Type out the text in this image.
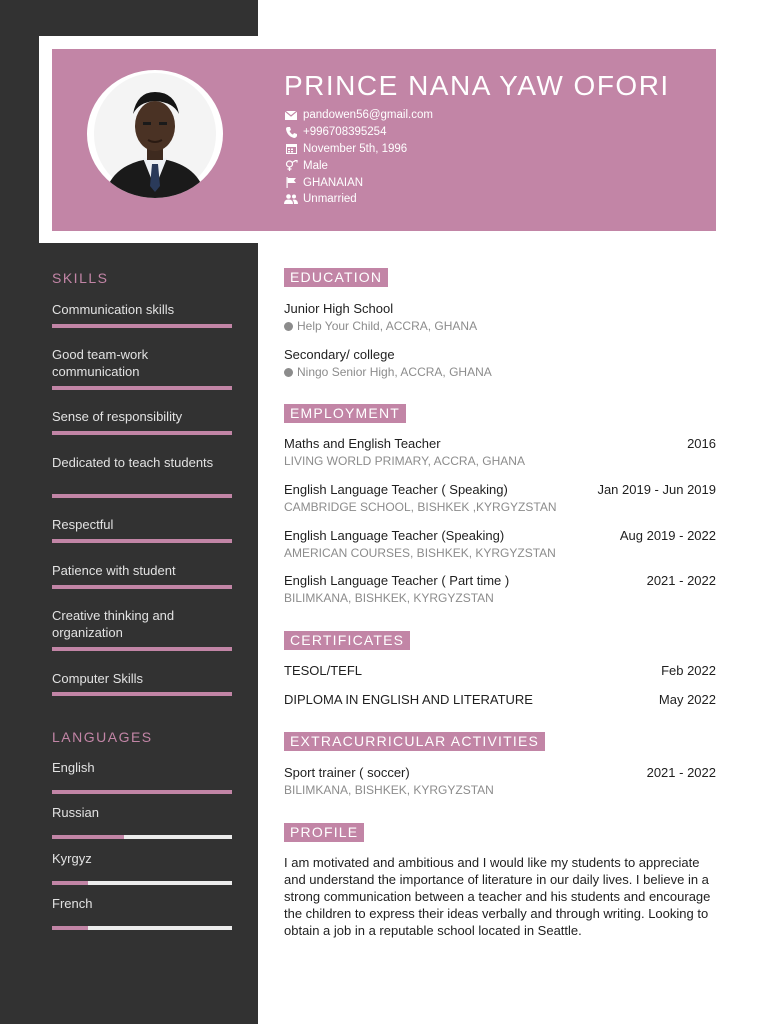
PRINCE NANA YAW OFORI
pandowen56@gmail.com
+996708395254
November 5th, 1996
Male
GHANAIAN
Unmarried
SKILLS
Communication skills
Good team-work communication
Sense of responsibility
Dedicated to teach students
Respectful
Patience with student
Creative thinking and organization
Computer Skills
LANGUAGES
English
Russian
Kyrgyz
French
EDUCATION
Junior High School
Help Your Child, ACCRA, GHANA
Secondary/ college
Ningo Senior High, ACCRA, GHANA
EMPLOYMENT
Maths and English Teacher
LIVING WORLD PRIMARY, ACCRA, GHANA
2016
English Language Teacher ( Speaking)
CAMBRIDGE SCHOOL, BISHKEK ,KYRGYZSTAN
Jan 2019 - Jun 2019
English Language Teacher (Speaking)
AMERICAN COURSES, BISHKEK, KYRGYZSTAN
Aug 2019 - 2022
English Language Teacher ( Part time )
BILIMKANA, BISHKEK, KYRGYZSTAN
2021 - 2022
CERTIFICATES
TESOL/TEFL	Feb 2022
DIPLOMA IN ENGLISH AND LITERATURE	May 2022
EXTRACURRICULAR ACTIVITIES
Sport trainer ( soccer)
BILIMKANA, BISHKEK, KYRGYZSTAN
2021 - 2022
PROFILE
I am motivated and ambitious and I would like my students to appreciate and understand the importance of literature in our daily lives. I believe in a strong communication between a teacher and his students and encourage the children to express their ideas verbally and through writing. Looking to obtain a job in a reputable school located in Seattle.
